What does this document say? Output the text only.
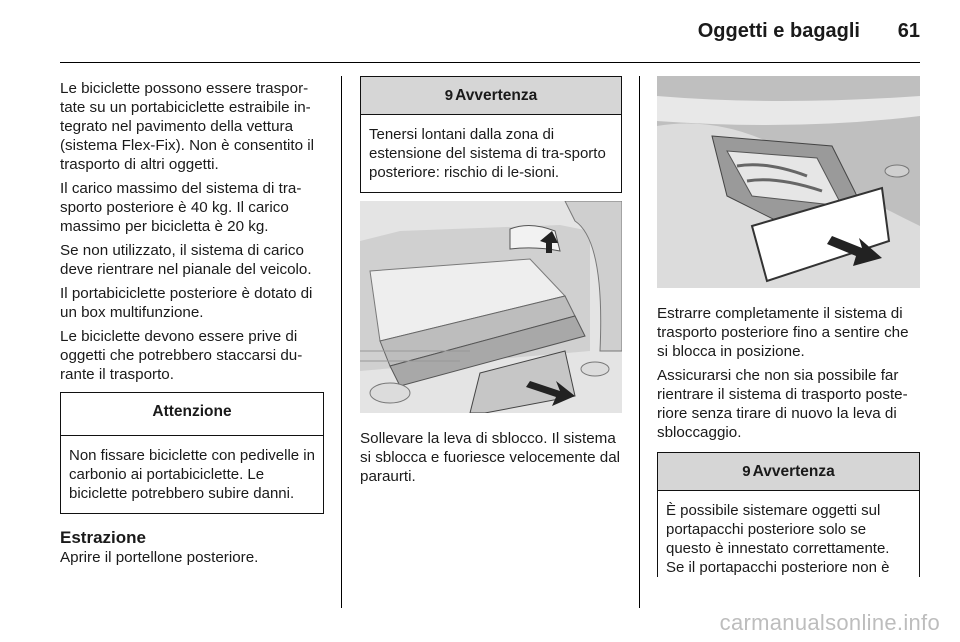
Oggetti e bagagli	61

Le biciclette possono essere traspor-tate su un portabiciclette estraibile in-tegrato nel pavimento della vettura (sistema Flex-Fix). Non è consentito il trasporto di altri oggetti.

Il carico massimo del sistema di tra-sporto posteriore è 40 kg. Il carico massimo per bicicletta è 20 kg.

Se non utilizzato, il sistema di carico deve rientrare nel pianale del veicolo.

Il portabiciclette posteriore è dotato di un box multifunzione.

Le biciclette devono essere prive di oggetti che potrebbero staccarsi du-rante il trasporto.

Attenzione
Non fissare biciclette con pedivelle in carbonio ai portabiciclette. Le biciclette potrebbero subire danni.
Estrazione
Aprire il portellone posteriore.
9 Avvertenza
Tenersi lontani dalla zona di estensione del sistema di tra-sporto posteriore: rischio di le-sioni.

Sollevare la leva di sblocco. Il sistema si sblocca e fuoriesce velocemente dal paraurti.

Estrarre completamente il sistema di trasporto posteriore fino a sentire che si blocca in posizione.

Assicurarsi che non sia possibile far rientrare il sistema di trasporto poste-riore senza tirare di nuovo la leva di sbloccaggio.

9 Avvertenza
È possibile sistemare oggetti sul portapacchi posteriore solo se questo è innestato correttamente. Se il portapacchi posteriore non è
carmanualsonline.info
